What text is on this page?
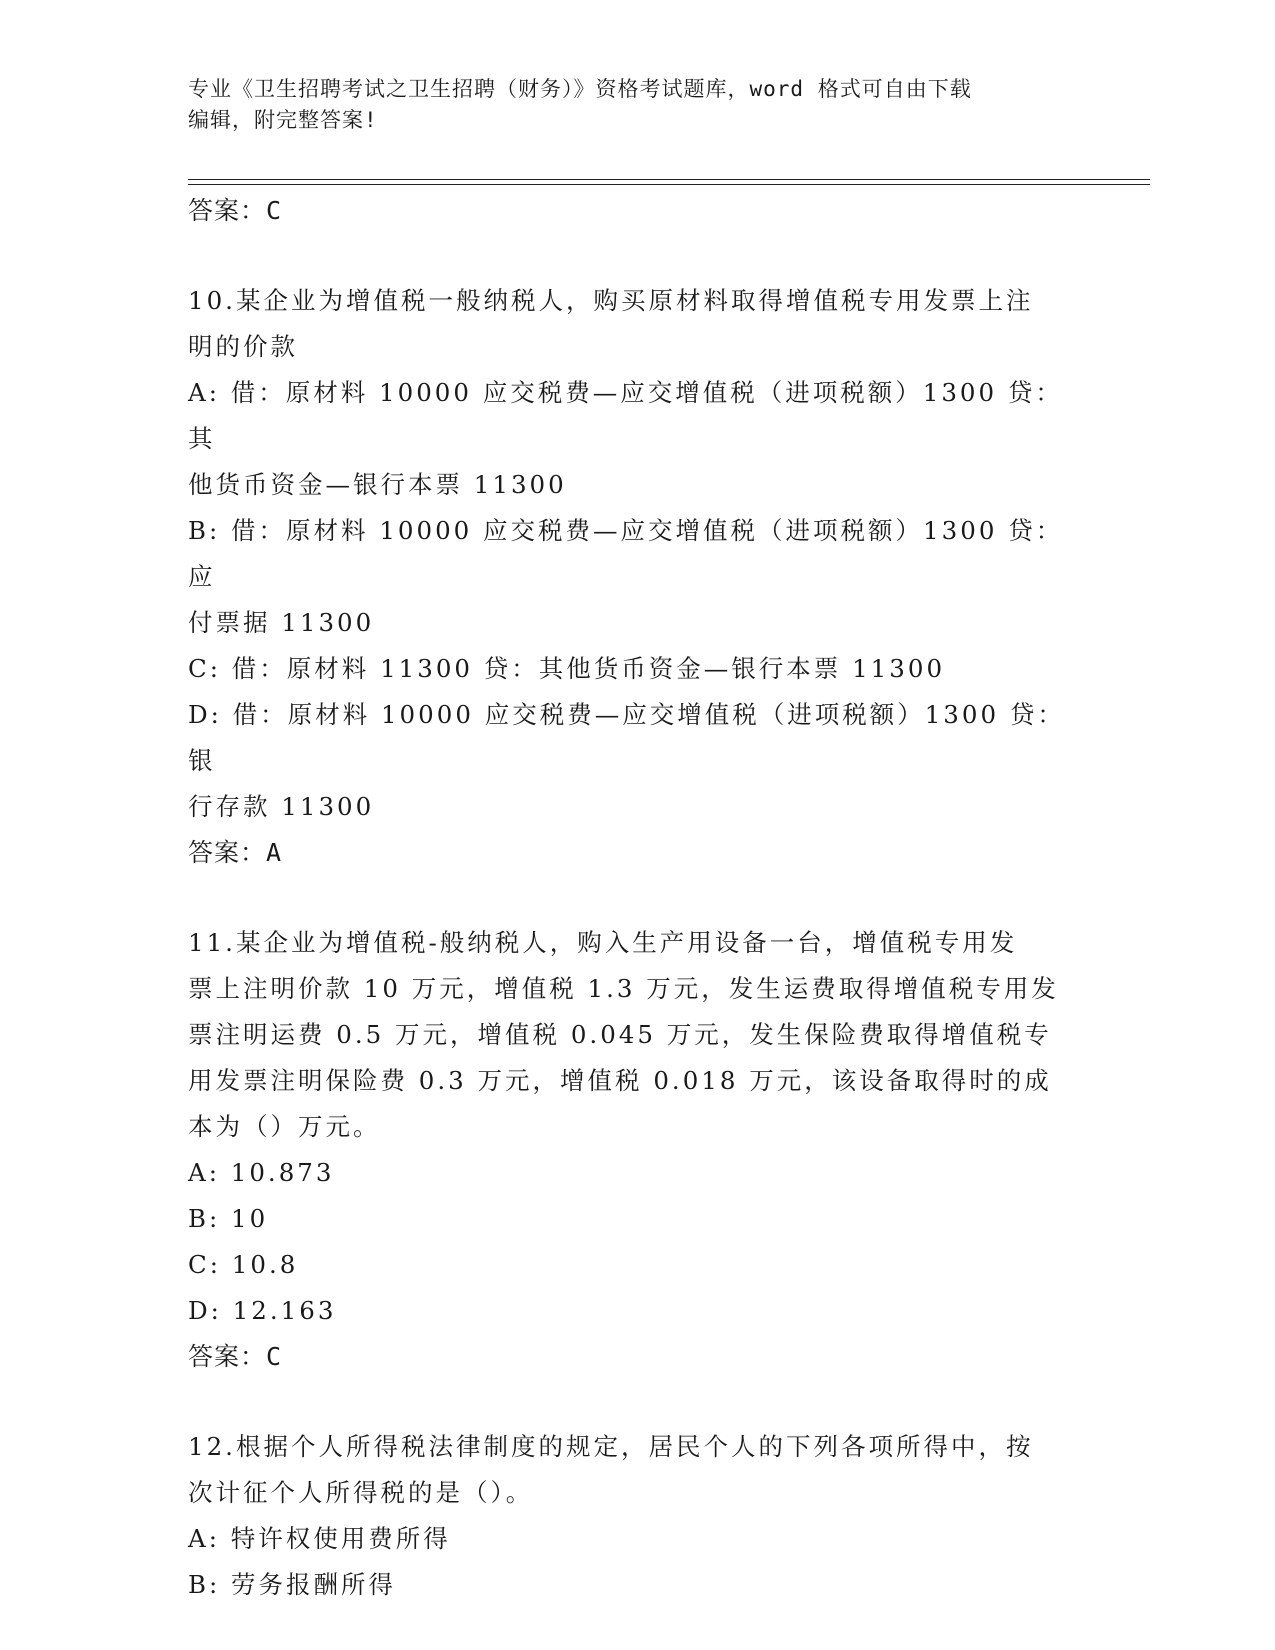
专业《卫生招聘考试之卫生招聘（财务）》资格考试题库，word 格式可自由下载
编辑，附完整答案!
答案：C
10.某企业为增值税一般纳税人，购买原材料取得增值税专用发票上注
明的价款
A: 借：原材料 10000 应交税费—应交增值税（进项税额）1300 贷：其
他货币资金—银行本票 11300
B: 借：原材料 10000 应交税费—应交增值税（进项税额）1300 贷：应
付票据 11300
C: 借：原材料 11300 贷：其他货币资金—银行本票 11300
D: 借：原材料 10000 应交税费—应交增值税（进项税额）1300 贷：银
行存款 11300
答案：A
11.某企业为增值税-般纳税人，购入生产用设备一台，增值税专用发
票上注明价款 10 万元，增值税 1.3 万元，发生运费取得增值税专用发
票注明运费 0.5 万元，增值税 0.045 万元，发生保险费取得增值税专
用发票注明保险费 0.3 万元，增值税 0.018 万元，该设备取得时的成
本为（）万元。
A: 10.873
B: 10
C: 10.8
D: 12.163
答案：C
12.根据个人所得税法律制度的规定，居民个人的下列各项所得中，按
次计征个人所得税的是（）。
A: 特许权使用费所得
B: 劳务报酬所得
